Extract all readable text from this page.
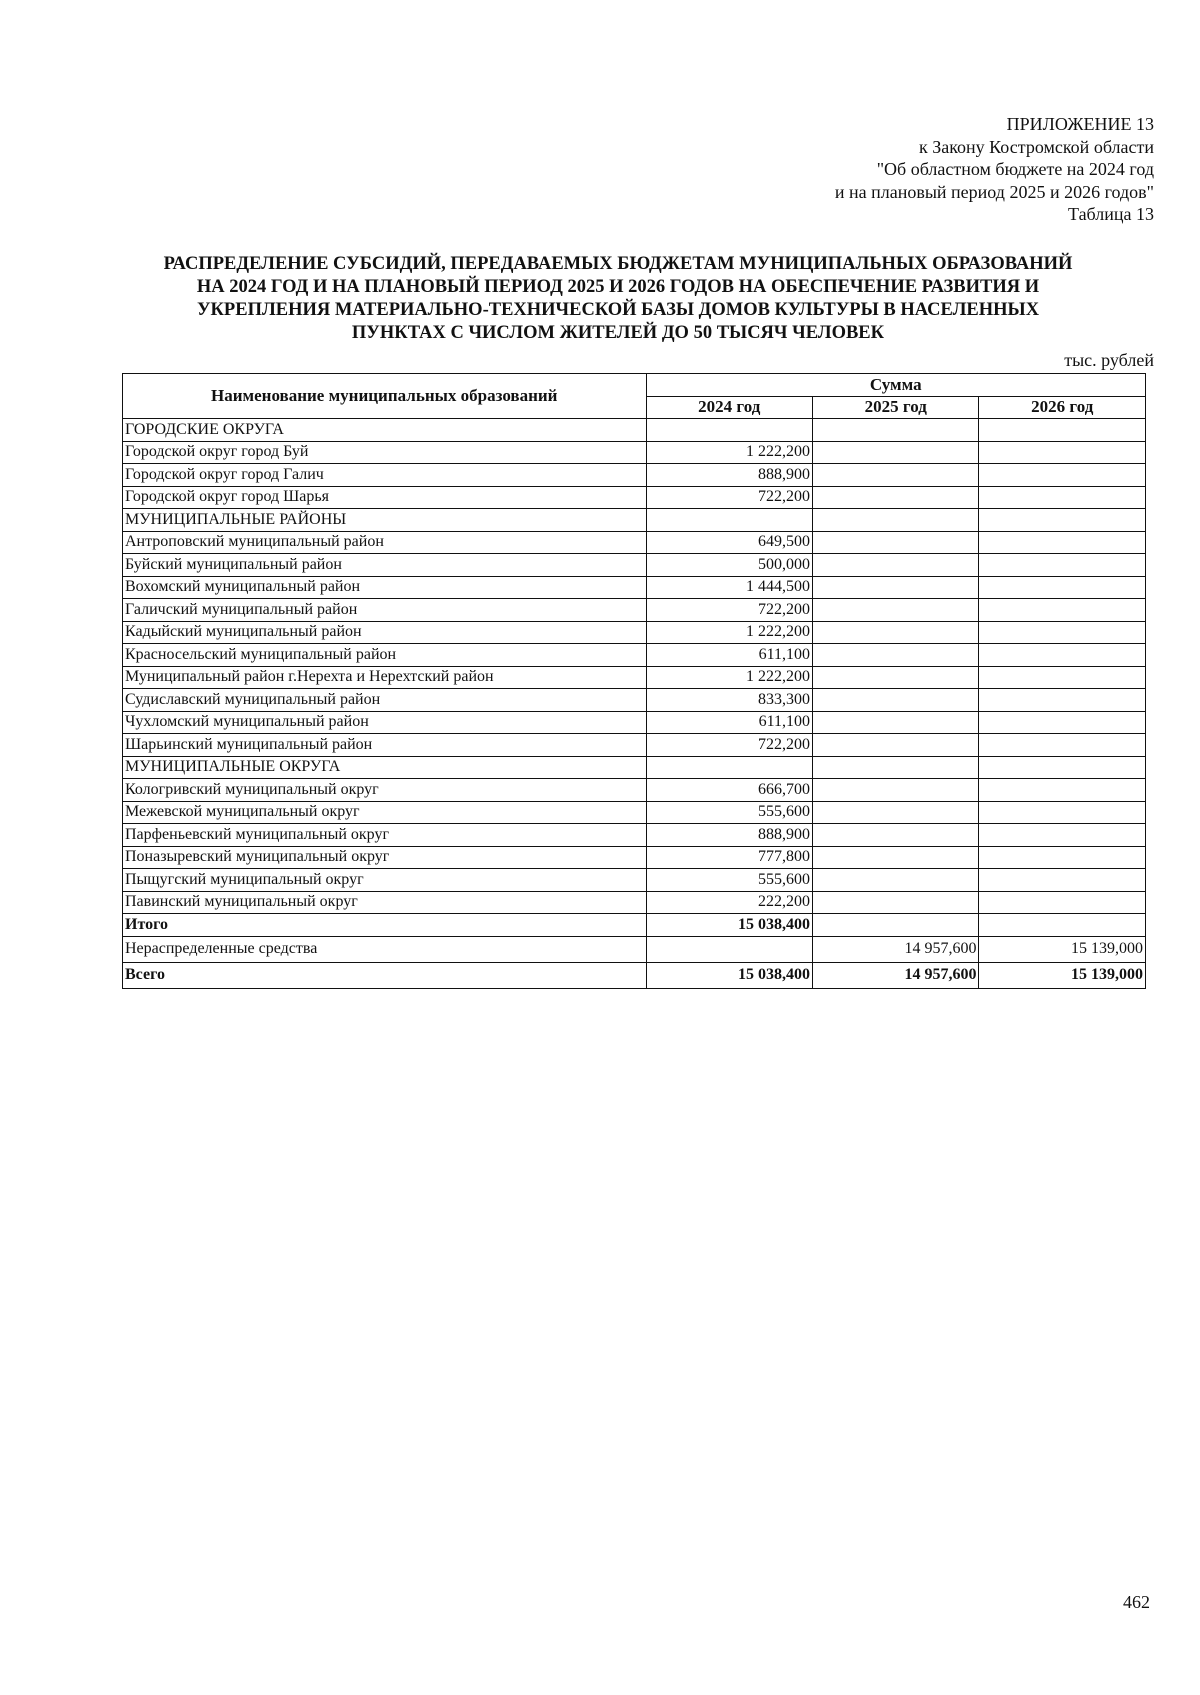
ПРИЛОЖЕНИЕ 13
к Закону Костромской области
"Об областном бюджете на 2024 год
и на плановый период 2025 и 2026 годов"
Таблица 13
РАСПРЕДЕЛЕНИЕ СУБСИДИЙ, ПЕРЕДАВАЕМЫХ БЮДЖЕТАМ МУНИЦИПАЛЬНЫХ ОБРАЗОВАНИЙ
НА 2024 ГОД И НА ПЛАНОВЫЙ ПЕРИОД 2025 И 2026 ГОДОВ НА ОБЕСПЕЧЕНИЕ РАЗВИТИЯ И
УКРЕПЛЕНИЯ МАТЕРИАЛЬНО-ТЕХНИЧЕСКОЙ БАЗЫ ДОМОВ КУЛЬТУРЫ В НАСЕЛЕННЫХ
ПУНКТАХ С ЧИСЛОМ ЖИТЕЛЕЙ ДО 50 ТЫСЯЧ ЧЕЛОВЕК
тыс. рублей
Наименование муниципальных образований	Сумма		
	2024 год	2025 год	2026 год
ГОРОДСКИЕ ОКРУГА			
Городской округ город Буй	1 222,200		
Городской округ город Галич	888,900		
Городской округ город Шарья	722,200		
МУНИЦИПАЛЬНЫЕ РАЙОНЫ			
Антроповский муниципальный район	649,500		
Буйский муниципальный район	500,000		
Вохомский муниципальный район	1 444,500		
Галичский муниципальный район	722,200		
Кадыйский муниципальный район	1 222,200		
Красносельский муниципальный район	611,100		
Муниципальный район г.Нерехта и Нерехтский район	1 222,200		
Судиславский муниципальный район	833,300		
Чухломский муниципальный район	611,100		
Шарьинский муниципальный район	722,200		
МУНИЦИПАЛЬНЫЕ ОКРУГА			
Кологривский муниципальный округ	666,700		
Межевской муниципальный округ	555,600		
Парфеньевский муниципальный округ	888,900		
Поназыревский муниципальный округ	777,800		
Пыщугский муниципальный округ	555,600		
Павинский муниципальный округ	222,200		
Итого	15 038,400		
Нераспределенные средства		14 957,600	15 139,000
Всего	15 038,400	14 957,600	15 139,000
462
